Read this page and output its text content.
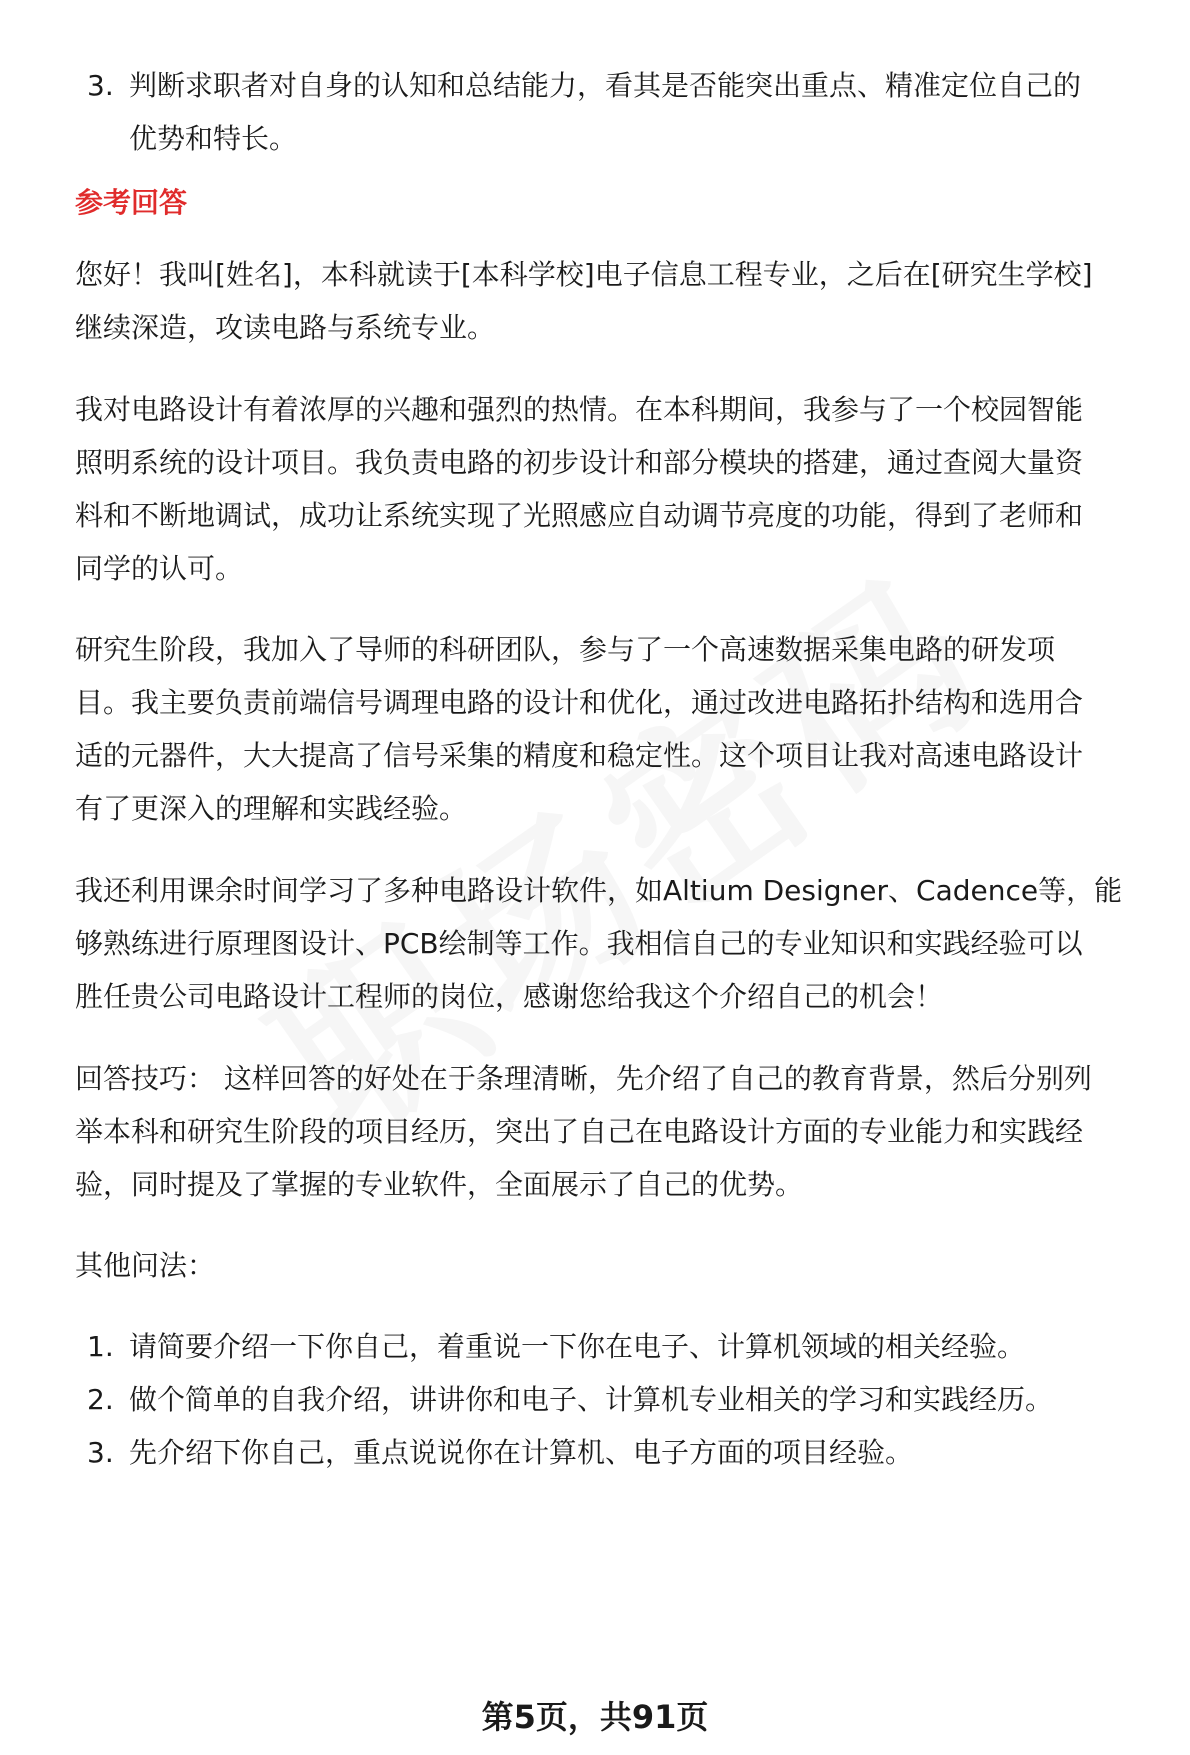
3. 判断求职者对自身的认知和总结能力，看其是否能突出重点、精准定位自己的
优势和特长。
参考回答
您好！我叫[姓名]，本科就读于[本科学校]电子信息工程专业，之后在[研究生学校]
继续深造，攻读电路与系统专业。
我对电路设计有着浓厚的兴趣和强烈的热情。在本科期间，我参与了一个校园智能
照明系统的设计项目。我负责电路的初步设计和部分模块的搭建，通过查阅大量资
料和不断地调试，成功让系统实现了光照感应自动调节亮度的功能，得到了老师和
同学的认可。
研究生阶段，我加入了导师的科研团队，参与了一个高速数据采集电路的研发项
目。我主要负责前端信号调理电路的设计和优化，通过改进电路拓扑结构和选用合
适的元器件，大大提高了信号采集的精度和稳定性。这个项目让我对高速电路设计
有了更深入的理解和实践经验。
我还利用课余时间学习了多种电路设计软件，如Altium Designer、Cadence等，能
够熟练进行原理图设计、PCB绘制等工作。我相信自己的专业知识和实践经验可以
胜任贵公司电路设计工程师的岗位，感谢您给我这个介绍自己的机会！
回答技巧： 这样回答的好处在于条理清晰，先介绍了自己的教育背景，然后分别列
举本科和研究生阶段的项目经历，突出了自己在电路设计方面的专业能力和实践经
验，同时提及了掌握的专业软件，全面展示了自己的优势。
其他问法：
1. 请简要介绍一下你自己，着重说一下你在电子、计算机领域的相关经验。
2. 做个简单的自我介绍，讲讲你和电子、计算机专业相关的学习和实践经历。
3. 先介绍下你自己，重点说说你在计算机、电子方面的项目经验。
第5页，共91页
